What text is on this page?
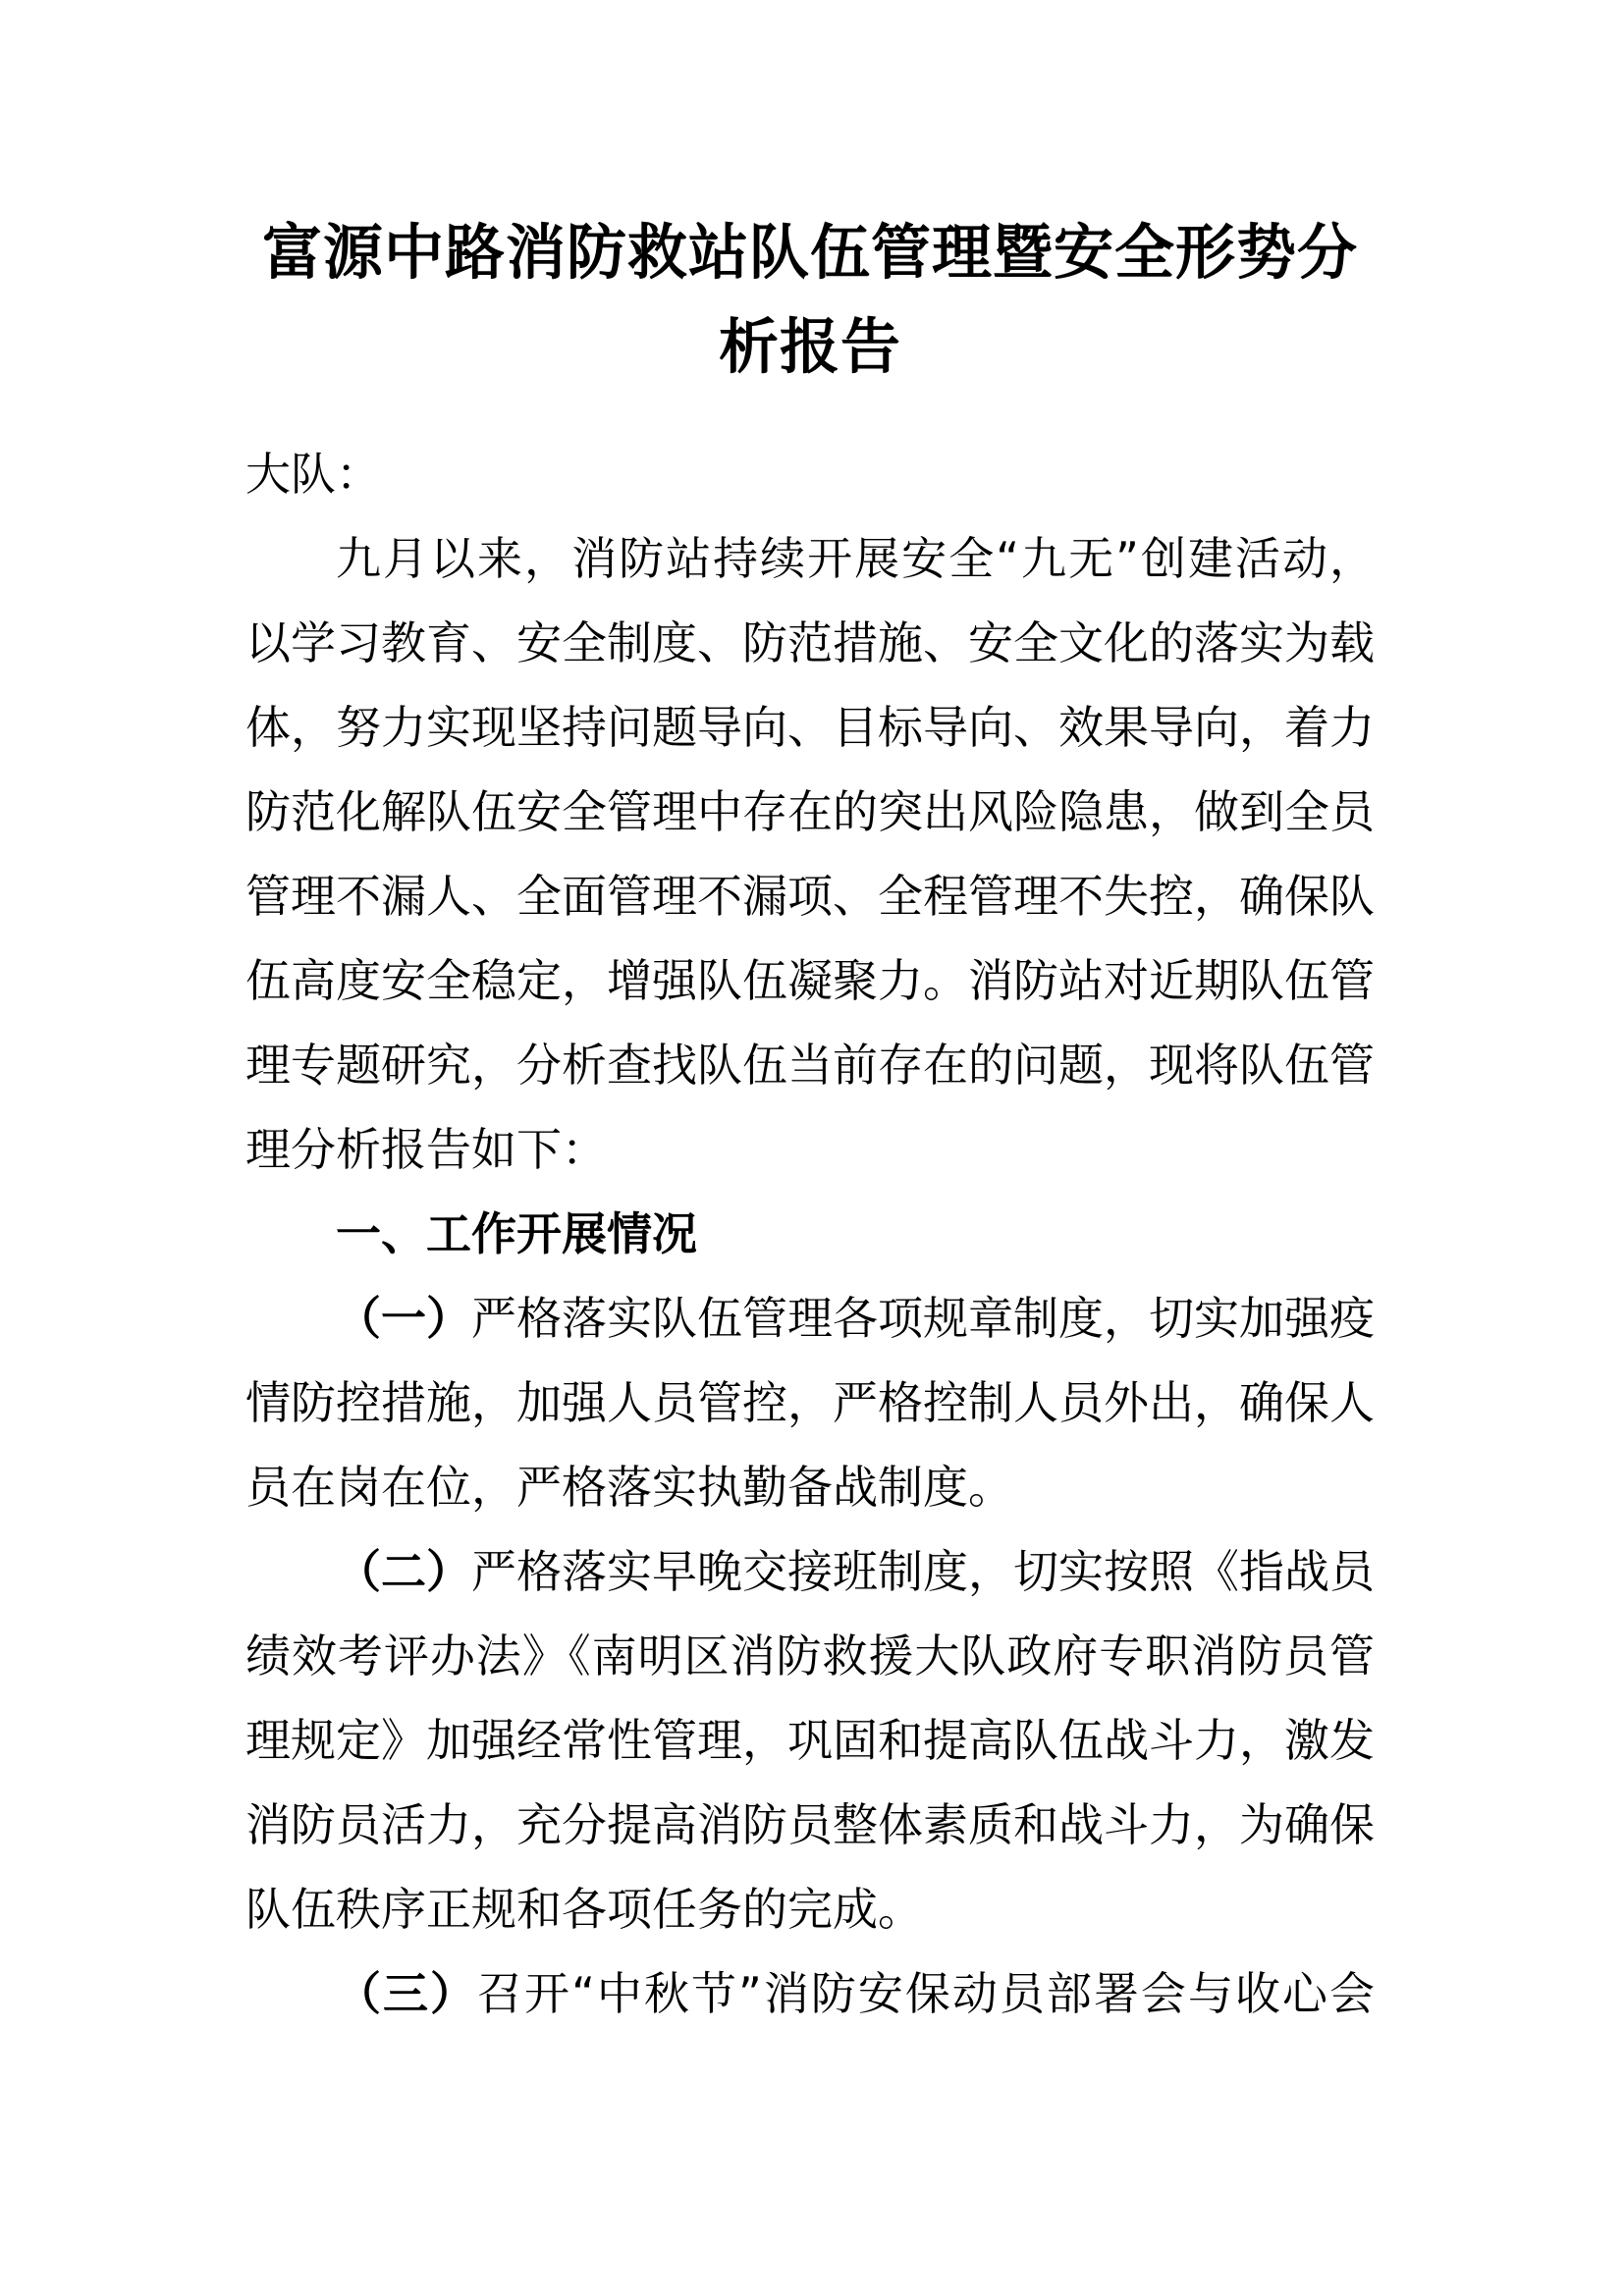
富源中路消防救站队伍管理暨安全形势分
析报告
大队：
九月以来，消防站持续开展安全“九无”创建活动，
以学习教育、安全制度、防范措施、安全文化的落实为载
体，努力实现坚持问题导向、目标导向、效果导向，着力
防范化解队伍安全管理中存在的突出风险隐患，做到全员
管理不漏人、全面管理不漏项、全程管理不失控，确保队
伍高度安全稳定，增强队伍凝聚力。消防站对近期队伍管
理专题研究，分析查找队伍当前存在的问题，现将队伍管
理分析报告如下：
一、工作开展情况
（一）严格落实队伍管理各项规章制度，切实加强疫
情防控措施，加强人员管控，严格控制人员外出，确保人
员在岗在位，严格落实执勤备战制度。
（二）严格落实早晚交接班制度，切实按照《指战员
绩效考评办法》《南明区消防救援大队政府专职消防员管
理规定》加强经常性管理，巩固和提高队伍战斗力，激发
消防员活力，充分提高消防员整体素质和战斗力，为确保
队伍秩序正规和各项任务的完成。
（三）召开“中秋节”消防安保动员部署会与收心会
